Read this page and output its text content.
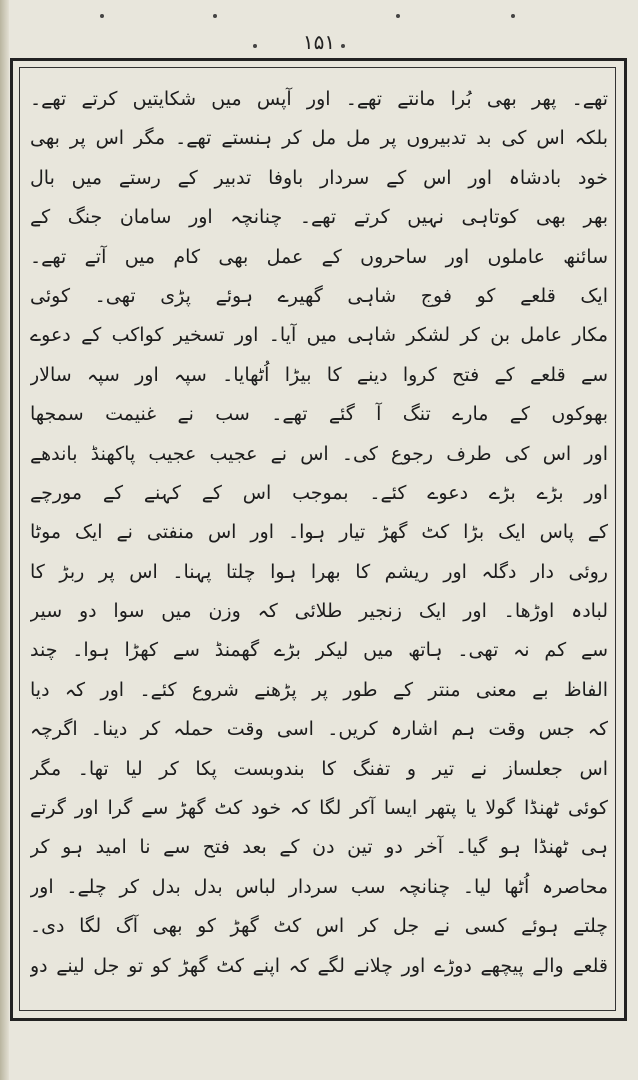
۱۵۱
تھے۔ پھر بھی بُرا مانتے تھے۔ اور آپس میں شکایتیں کرتے تھے۔
بلکہ اس کی بد تدبیروں پر مل مل کر ہنستے تھے۔ مگر اس پر بھی
خود بادشاہ اور اس کے سردار باوفا تدبیر کے رستے میں بال
بھر بھی کوتاہی نہیں کرتے تھے۔ چنانچہ اور سامان جنگ کے
سائنھ عاملوں اور ساحروں کے عمل بھی کام میں آتے تھے۔
ایک قلعے کو فوج شاہی گھیرے ہوئے پڑی تھی۔ کوئی
مکار عامل بن کر لشکر شاہی میں آیا۔ اور تسخیر کواکب کے دعوے
سے قلعے کے فتح کروا دینے کا بیڑا اُٹھایا۔ سپہ اور سپہ سالار
بھوکوں کے مارے تنگ آ گئے تھے۔ سب نے غنیمت سمجھا
اور اس کی طرف رجوع کی۔ اس نے عجیب عجیب پاکھنڈ باندھے
اور بڑے بڑے دعوے کئے۔ بموجب اس کے کہنے کے مورچے
کے پاس ایک بڑا کٹ گھڑ تیار ہوا۔ اور اس منفتی نے ایک موٹا
روئی دار دگلہ اور ریشم کا بھرا ہوا چلتا پہنا۔ اس پر ربڑ کا
لبادہ اوڑھا۔ اور ایک زنجیر طلائی کہ وزن میں سوا دو سیر
سے کم نہ تھی۔ ہاتھ میں لیکر بڑے گھمنڈ سے کھڑا ہوا۔ چند
الفاظ بے معنی منتر کے طور پر پڑھنے شروع کئے۔ اور کہ دیا
کہ جس وقت ہم اشارہ کریں۔ اسی وقت حملہ کر دینا۔ اگرچہ
اس جعلساز نے تیر و تفنگ کا بندوبست پکا کر لیا تھا۔ مگر
کوئی ٹھنڈا گولا یا پتھر ایسا آکر لگا کہ خود کٹ گھڑ سے گرا اور گرتے
ہی ٹھنڈا ہو گیا۔ آخر دو تین دن کے بعد فتح سے نا امید ہو کر
محاصرہ اُٹھا لیا۔ چنانچہ سب سردار لباس بدل بدل کر چلے۔ اور
چلتے ہوئے کسی نے جل کر اس کٹ گھڑ کو بھی آگ لگا دی۔
قلعے والے پیچھے دوڑے اور چلانے لگے کہ اپنے کٹ گھڑ کو تو جل لینے دو
